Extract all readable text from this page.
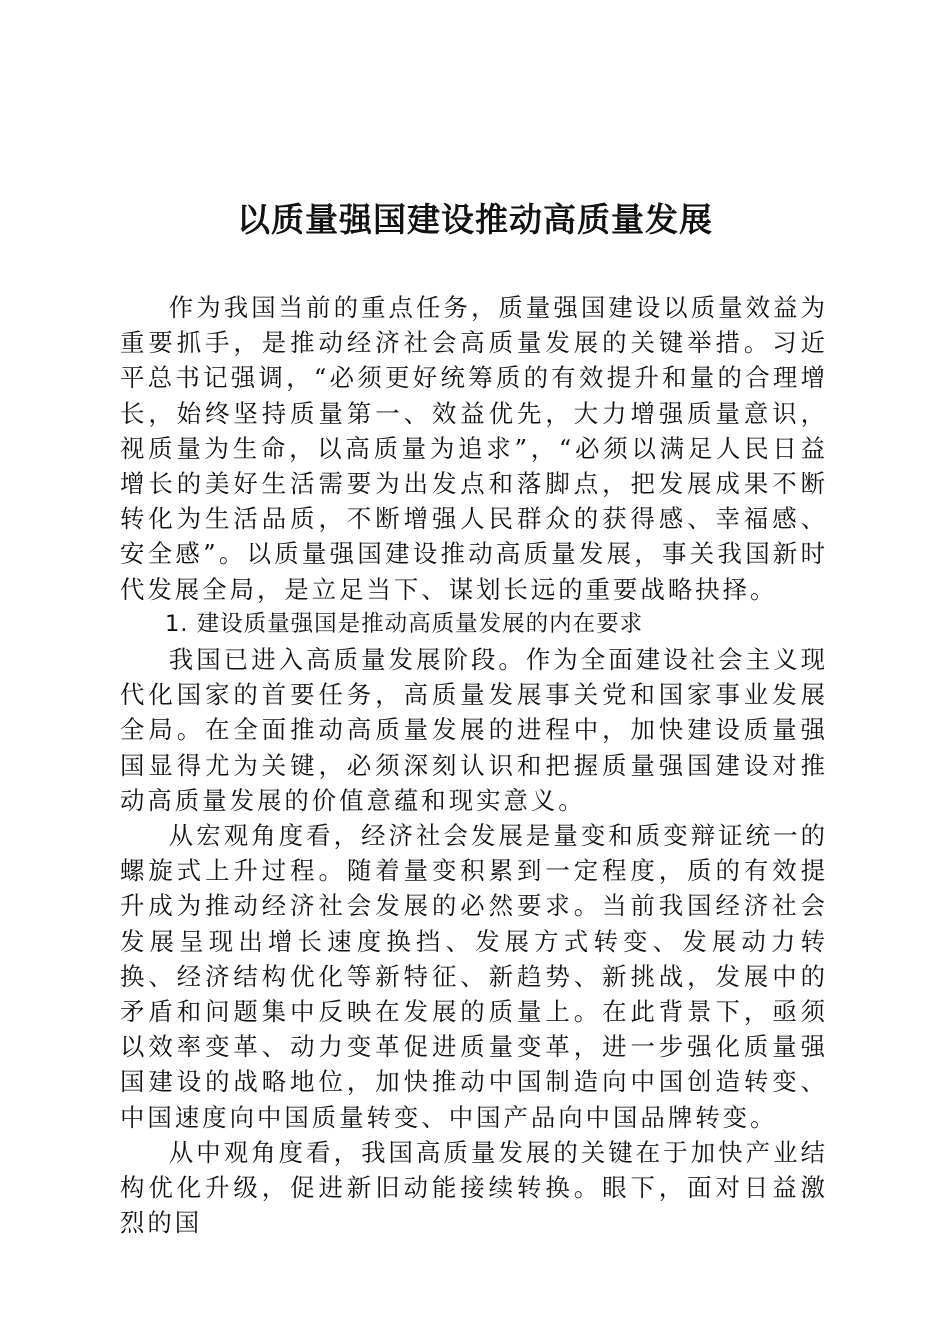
以质量强国建设推动高质量发展

作为我国当前的重点任务，质量强国建设以质量效益为重要抓手，是推动经济社会高质量发展的关键举措。习近平总书记强调，“必须更好统筹质的有效提升和量的合理增长，始终坚持质量第一、效益优先，大力增强质量意识，视质量为生命，以高质量为追求”，“必须以满足人民日益增长的美好生活需要为出发点和落脚点，把发展成果不断转化为生活品质，不断增强人民群众的获得感、幸福感、安全感”。以质量强国建设推动高质量发展，事关我国新时代发展全局，是立足当下、谋划长远的重要战略抉择。

1. 建设质量强国是推动高质量发展的内在要求

我国已进入高质量发展阶段。作为全面建设社会主义现代化国家的首要任务，高质量发展事关党和国家事业发展全局。在全面推动高质量发展的进程中，加快建设质量强国显得尤为关键，必须深刻认识和把握质量强国建设对推动高质量发展的价值意蕴和现实意义。

从宏观角度看，经济社会发展是量变和质变辩证统一的螺旋式上升过程。随着量变积累到一定程度，质的有效提升成为推动经济社会发展的必然要求。当前我国经济社会发展呈现出增长速度换挡、发展方式转变、发展动力转换、经济结构优化等新特征、新趋势、新挑战，发展中的矛盾和问题集中反映在发展的质量上。在此背景下，亟须以效率变革、动力变革促进质量变革，进一步强化质量强国建设的战略地位，加快推动中国制造向中国创造转变、中国速度向中国质量转变、中国产品向中国品牌转变。

从中观角度看，我国高质量发展的关键在于加快产业结构优化升级，促进新旧动能接续转换。眼下，面对日益激烈的国
